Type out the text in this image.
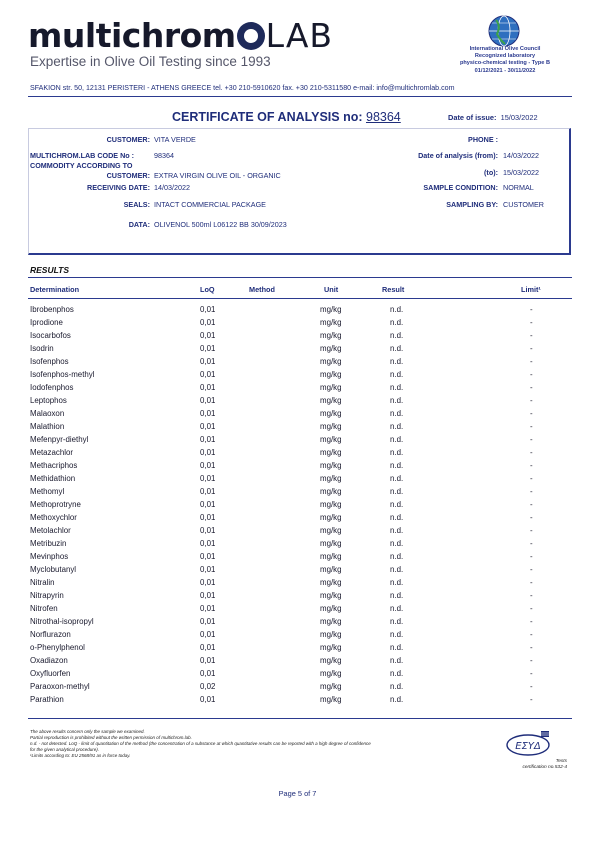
multichrom LAB
Expertise in Olive Oil Testing since 1993
International Olive Council
Recognized laboratory
physico-chemical testing - Type B
01/12/2021 - 30/11/2022
SFAKION str. 50, 12131 PERISTERI - ATHENS GREECE tel. +30 210-5910620 fax. +30 210-5311580 e-mail: info@multichromlab.com
CERTIFICATE OF ANALYSIS no: 98364	Date of issue: 15/03/2022
CUSTOMER: VITA VERDE
MULTICHROM.LAB CODE No :	98364
COMMODITY ACCORDING TO
CUSTOMER: EXTRA VIRGIN OLIVE OIL - ORGANIC
RECEIVING DATE: 14/03/2022
SEALS: INTACT COMMERCIAL PACKAGE
DATA: OLIVENOL 500ml L06122 BB 30/09/2023
PHONE :
Date of analysis (from): 14/03/2022
(to): 15/03/2022
SAMPLE CONDITION: NORMAL
SAMPLING BY: CUSTOMER
RESULTS
Determination	LoQ	Method	Unit	Result	Limit¹
Ibrobenphos	0,01	mg/kg	n.d.	-
Iprodione	0,01	mg/kg	n.d.	-
Isocarbofos	0,01	mg/kg	n.d.	-
Isodrin	0,01	mg/kg	n.d.	-
Isofenphos	0,01	mg/kg	n.d.	-
Isofenphos-methyl	0,01	mg/kg	n.d.	-
Iodofenphos	0,01	mg/kg	n.d.	-
Leptophos	0,01	mg/kg	n.d.	-
Malaoxon	0,01	mg/kg	n.d.	-
Malathion	0,01	mg/kg	n.d.	-
Mefenpyr-diethyl	0,01	mg/kg	n.d.	-
Metazachlor	0,01	mg/kg	n.d.	-
Methacriphos	0,01	mg/kg	n.d.	-
Methidathion	0,01	mg/kg	n.d.	-
Methomyl	0,01	mg/kg	n.d.	-
Methoprotryne	0,01	mg/kg	n.d.	-
Methoxychlor	0,01	mg/kg	n.d.	-
Metolachlor	0,01	mg/kg	n.d.	-
Metribuzin	0,01	mg/kg	n.d.	-
Mevinphos	0,01	mg/kg	n.d.	-
Myclobutanyl	0,01	mg/kg	n.d.	-
Nitralin	0,01	mg/kg	n.d.	-
Nitrapyrin	0,01	mg/kg	n.d.	-
Nitrofen	0,01	mg/kg	n.d.	-
Nitrothal-isopropyl	0,01	mg/kg	n.d.	-
Norflurazon	0,01	mg/kg	n.d.	-
o-Phenylphenol	0,01	mg/kg	n.d.	-
Oxadiazon	0,01	mg/kg	n.d.	-
Oxyfluorfen	0,01	mg/kg	n.d.	-
Paraoxon-methyl	0,02	mg/kg	n.d.	-
Parathion	0,01	mg/kg	n.d.	-
The above results concern only the sample we examined.
Partial reproduction is prohibited without the written permission of multichrom.lab.
n.d. - not detected. LoQ - limit of quantitation of the method (the concentration of a substance at which quantitative results can be reported with a high degree of confidence
for the given analytical procedure).
¹Limits according to: EU 2568/91 as in force today.
ΕΣΥΔ
Tests
certification no.532-4
Page 5 of 7
